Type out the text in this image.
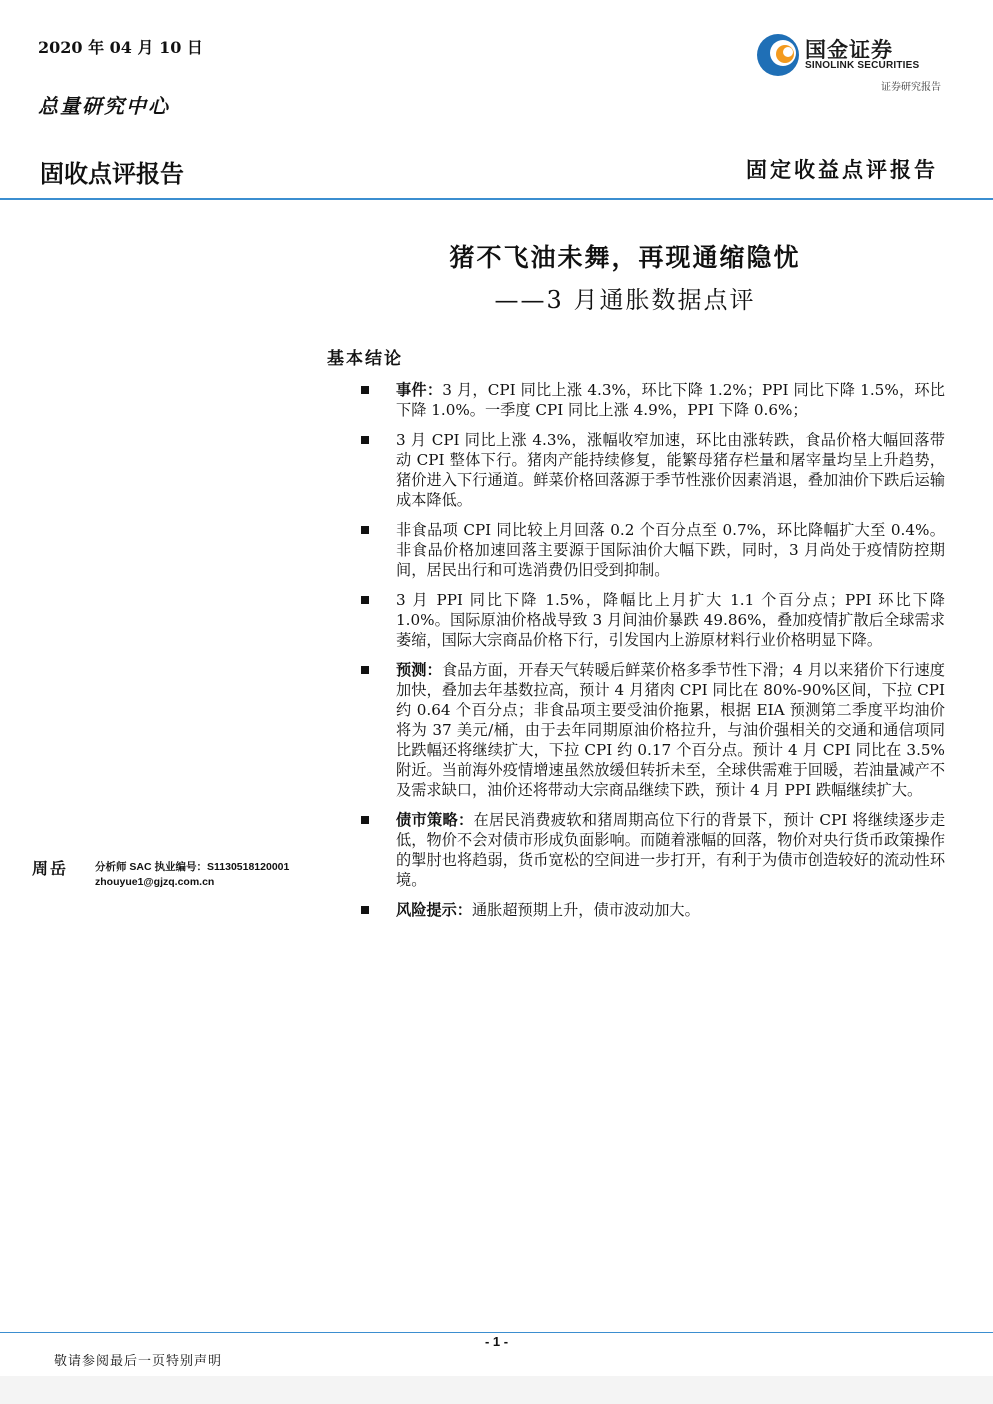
2020 年 04 月 10 日
总量研究中心
固收点评报告	固定收益点评报告
国金证券
SINOLINK SECURITIES
证券研究报告
猪不飞油未舞，再现通缩隐忧
——3 月通胀数据点评
基本结论
事件：3 月，CPI 同比上涨 4.3%，环比下降 1.2%；PPI 同比下降 1.5%，环比下降 1.0%。一季度 CPI 同比上涨 4.9%，PPI 下降 0.6%；
3 月 CPI 同比上涨 4.3%，涨幅收窄加速，环比由涨转跌，食品价格大幅回落带动 CPI 整体下行。猪肉产能持续修复，能繁母猪存栏量和屠宰量均呈上升趋势，猪价进入下行通道。鲜菜价格回落源于季节性涨价因素消退，叠加油价下跌后运输成本降低。
非食品项 CPI 同比较上月回落 0.2 个百分点至 0.7%，环比降幅扩大至 0.4%。非食品价格加速回落主要源于国际油价大幅下跌，同时，3 月尚处于疫情防控期间，居民出行和可选消费仍旧受到抑制。
3 月 PPI 同比下降 1.5%，降幅比上月扩大 1.1 个百分点；PPI 环比下降 1.0%。国际原油价格战导致 3 月间油价暴跌 49.86%，叠加疫情扩散后全球需求萎缩，国际大宗商品价格下行，引发国内上游原材料行业价格明显下降。
预测：食品方面，开春天气转暖后鲜菜价格多季节性下滑；4 月以来猪价下行速度加快，叠加去年基数拉高，预计 4 月猪肉 CPI 同比在 80%-90%区间，下拉 CPI 约 0.64 个百分点；非食品项主要受油价拖累，根据 EIA 预测第二季度平均油价将为 37 美元/桶，由于去年同期原油价格拉升，与油价强相关的交通和通信项同比跌幅还将继续扩大，下拉 CPI 约 0.17 个百分点。预计 4 月 CPI 同比在 3.5%附近。当前海外疫情增速虽然放缓但转折未至，全球供需难于回暖，若油量减产不及需求缺口，油价还将带动大宗商品继续下跌，预计 4 月 PPI 跌幅继续扩大。
债市策略：在居民消费疲软和猪周期高位下行的背景下，预计 CPI 将继续逐步走低，物价不会对债市形成负面影响。而随着涨幅的回落，物价对央行货币政策操作的掣肘也将趋弱，货币宽松的空间进一步打开，有利于为债市创造较好的流动性环境。
风险提示：通胀超预期上升，债市波动加大。
周岳	分析师 SAC 执业编号：S1130518120001
zhouyue1@gjzq.com.cn
- 1 -
敬请参阅最后一页特别声明
